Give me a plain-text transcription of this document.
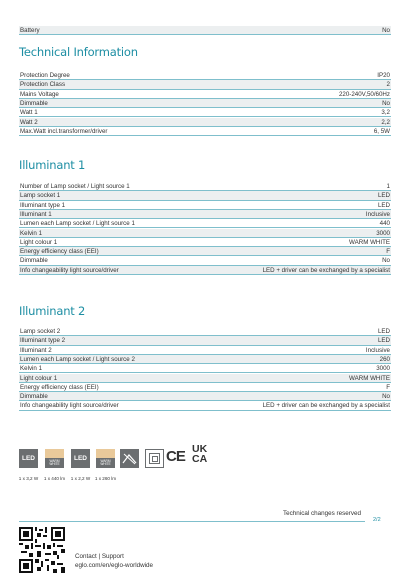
Battery	No
Technical Information
Protection Degree	IP20
Protection Class	2
Mains Voltage	220-240V,50/60Hz
Dimmable	No
Watt 1	3,2
Watt 2	2,2
Max.Watt incl.transformer/driver	6, 5W
Illuminant 1
Number of Lamp socket / Light source 1	1
Lamp socket 1	LED
Illuminant type 1	LED
Illuminant 1	Inclusive
Lumen each Lamp socket / Light source 1	440
Kelvin 1	3000
Light colour 1	WARM WHITE
Energy efficiency class (EEI)	F
Dimmable	No
Info changeability light source/driver	LED + driver can be exchanged by a specialist
Illuminant 2
Lamp socket 2	LED
Illuminant type 2	LED
Illuminant 2	Inclusive
Lumen each Lamp socket / Light source 2	260
Kelvin 1	3000
Light colour 1	WARM WHITE
Energy efficiency class (EEI)	F
Dimmable	No
Info changeability light source/driver	LED + driver can be exchanged by a specialist
LED	WARM WHITE
LED	WARM WHITE	CE UK CA
1 x 3,2 W	1 x 440 lm	1 x 2,2 W	1 x 260 lm
Technical changes reserved
2/2
Contact | Support
eglo.com/en/eglo-worldwide
